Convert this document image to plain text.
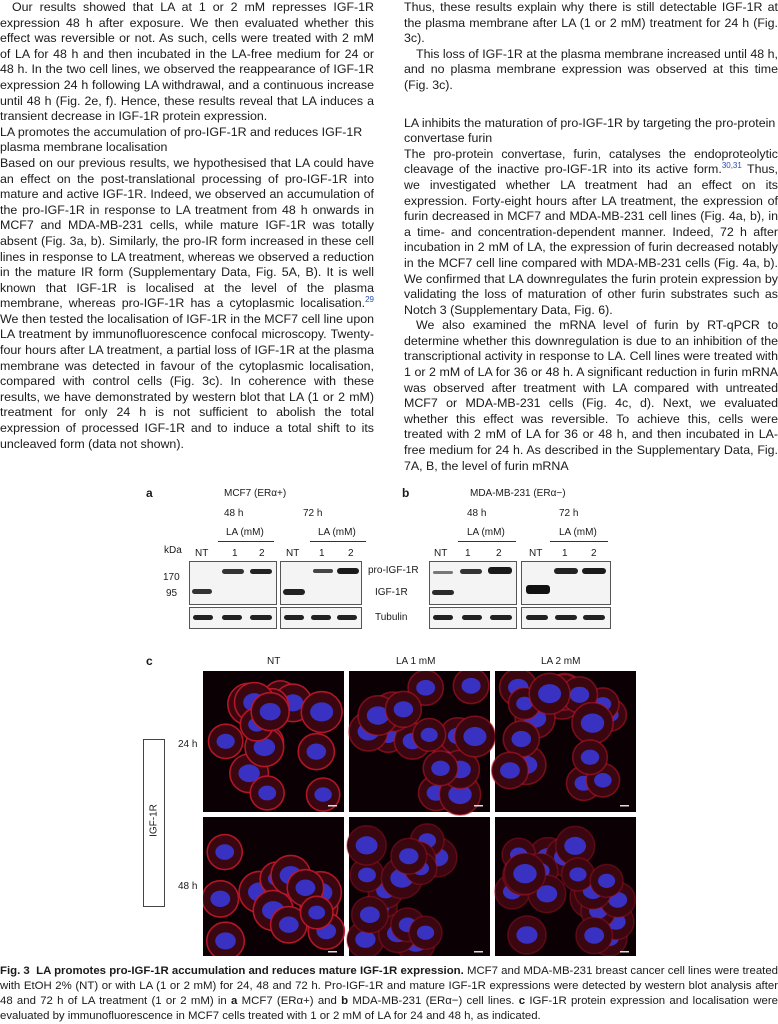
Our results showed that LA at 1 or 2 mM represses IGF-1R expression 48 h after exposure. We then evaluated whether this effect was reversible or not. As such, cells were treated with 2 mM of LA for 48 h and then incubated in the LA-free medium for 24 or 48 h. In the two cell lines, we observed the reappearance of IGF-1R expression 24 h following LA withdrawal, and a continuous increase until 48 h (Fig. 2e, f). Hence, these results reveal that LA induces a transient decrease in IGF-1R protein expression.

LA promotes the accumulation of pro-IGF-1R and reduces IGF-1R plasma membrane localisation

Based on our previous results, we hypothesised that LA could have an effect on the post-translational processing of pro-IGF-1R into mature and active IGF-1R. Indeed, we observed an accumulation of the pro-IGF-1R in response to LA treatment from 48 h onwards in MCF7 and MDA-MB-231 cells, while mature IGF-1R was totally absent (Fig. 3a, b). Similarly, the pro-IR form increased in these cell lines in response to LA treatment, whereas we observed a reduction in the mature IR form (Supplementary Data, Fig. 5A, B). It is well known that IGF-1R is localised at the level of the plasma membrane, whereas pro-IGF-1R has a cytoplasmic localisation.$^{29}$ We then tested the localisation of IGF-1R in the MCF7 cell line upon LA treatment by immunofluorescence confocal microscopy. Twenty-four hours after LA treatment, a partial loss of IGF-1R at the plasma membrane was detected in favour of the cytoplasmic localisation, compared with control cells (Fig. 3c). In coherence with these results, we have demonstrated by western blot that LA (1 or 2 mM) treatment for only 24 h is not sufficient to abolish the total expression of processed IGF-1R and to induce a total shift to its uncleaved form (data not shown).

Thus, these results explain why there is still detectable IGF-1R at the plasma membrane after LA (1 or 2 mM) treatment for 24 h (Fig. 3c).

This loss of IGF-1R at the plasma membrane increased until 48 h, and no plasma membrane expression was observed at this time (Fig. 3c).

LA inhibits the maturation of pro-IGF-1R by targeting the pro-protein convertase furin

The pro-protein convertase, furin, catalyses the endoproteolytic cleavage of the inactive pro-IGF-1R into its active form.$^{30,31}$ Thus, we investigated whether LA treatment had an effect on its expression. Forty-eight hours after LA treatment, the expression of furin decreased in MCF7 and MDA-MB-231 cell lines (Fig. 4a, b), in a time- and concentration-dependent manner. Indeed, 72 h after incubation in 2 mM of LA, the expression of furin decreased notably in the MCF7 cell line compared with MDA-MB-231 cells (Fig. 4a, b). We confirmed that LA downregulates the furin protein expression by validating the loss of maturation of other furin substrates such as Notch 3 (Supplementary Data, Fig. 6).

We also examined the mRNA level of furin by RT-qPCR to determine whether this downregulation is due to an inhibition of the transcriptional activity in response to LA. Cell lines were treated with 1 or 2 mM of LA for 36 or 48 h. A significant reduction in furin mRNA was observed after treatment with LA compared with untreated MCF7 or MDA-MB-231 cells (Fig. 4c, d). Next, we evaluated whether this effect was reversible. To achieve this, cells were treated with 2 mM of LA for 36 or 48 h, and then incubated in LA-free medium for 24 h. As described in the Supplementary Data, Fig. 7A, B, the level of furin mRNA

a	MCF7 (ERα+)
48 h	72 h
LA (mM)	LA (mM)
kDa NT 1 2 NT 1 2
170
95
pro-IGF-1R
IGF-1R
Tubulin
b	MDA-MB-231 (ERα−)
48 h	72 h
LA (mM)	LA (mM)
NT 1	2	NT 1 2
c	NT	LA 1 mM	LA 2 mM
24 h
48 h
IGF-1R
Fig. 3 LA promotes pro-IGF-1R accumulation and reduces mature IGF-1R expression. MCF7 and MDA-MB-231 breast cancer cell lines were treated with EtOH 2% (NT) or with LA (1 or 2 mM) for 24, 48 and 72 h. Pro-IGF-1R and mature IGF-1R expressions were detected by western blot analysis after 48 and 72 h of LA treatment (1 or 2 mM) in a MCF7 (ERα+) and b MDA-MB-231 (ERα−) cell lines. c IGF-1R protein expression and localisation were evaluated by immunofluorescence in MCF7 cells treated with 1 or 2 mM of LA for 24 and 48 h, as indicated.
